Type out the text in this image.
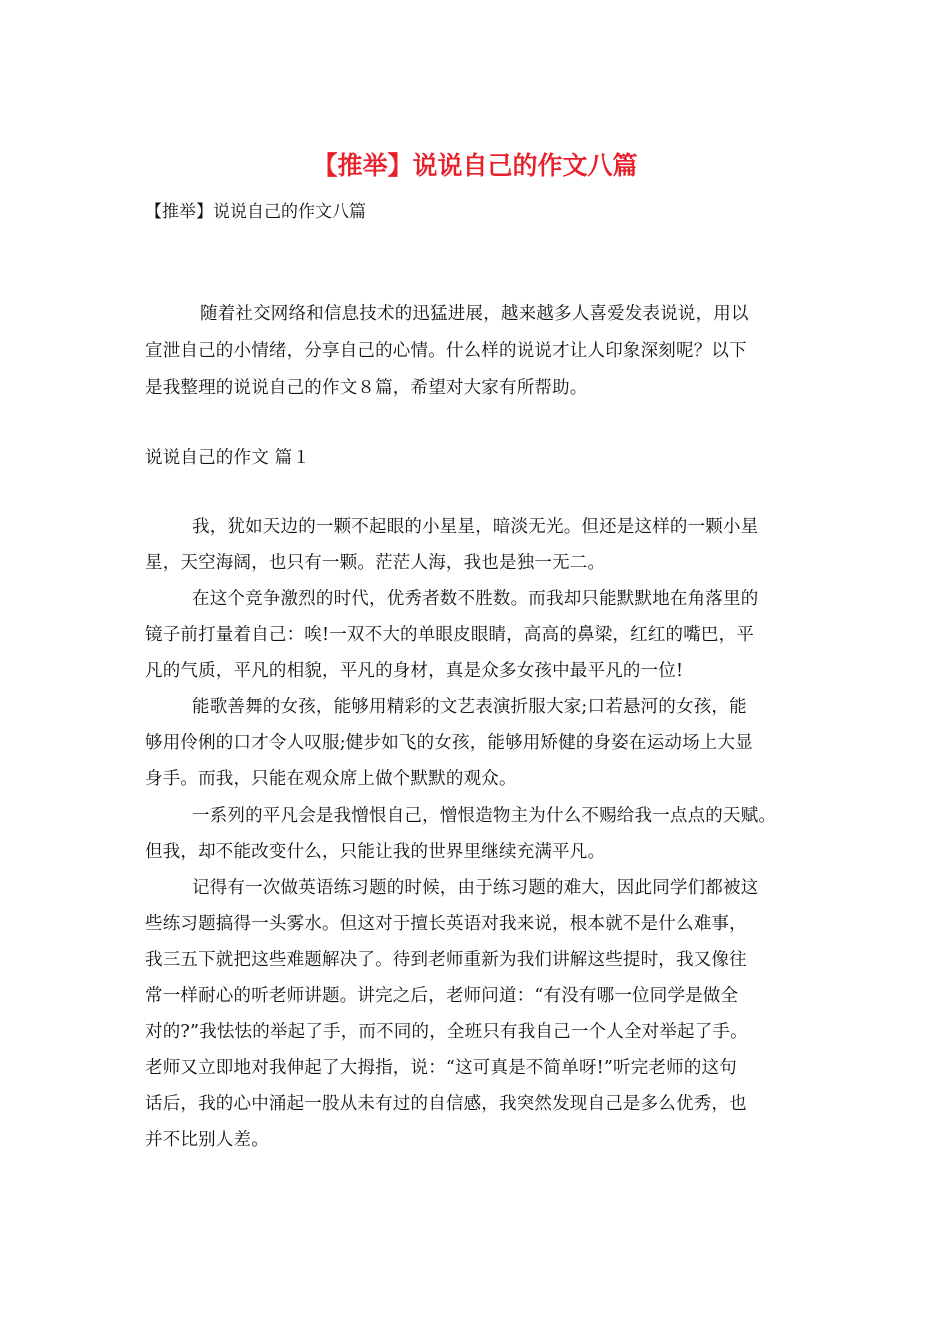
【推举】说说自己的作文八篇
【推举】说说自己的作文八篇
随着社交网络和信息技术的迅猛进展，越来越多人喜爱发表说说，用以
宣泄自己的小情绪，分享自己的心情。什么样的说说才让人印象深刻呢？以下
是我整理的说说自己的作文８篇，希望对大家有所帮助。
说说自己的作文 篇１
我，犹如天边的一颗不起眼的小星星，暗淡无光。但还是这样的一颗小星
星，天空海阔，也只有一颗。茫茫人海，我也是独一无二。
在这个竞争激烈的时代，优秀者数不胜数。而我却只能默默地在角落里的
镜子前打量着自己：唉!一双不大的单眼皮眼睛，高高的鼻梁，红红的嘴巴，平
凡的气质，平凡的相貌，平凡的身材，真是众多女孩中最平凡的一位!
能歌善舞的女孩，能够用精彩的文艺表演折服大家;口若悬河的女孩，能
够用伶俐的口才令人叹服;健步如飞的女孩，能够用矫健的身姿在运动场上大显
身手。而我，只能在观众席上做个默默的观众。
一系列的平凡会是我憎恨自己，憎恨造物主为什么不赐给我一点点的天赋。
但我，却不能改变什么，只能让我的世界里继续充满平凡。
记得有一次做英语练习题的时候，由于练习题的难大，因此同学们都被这
些练习题搞得一头雾水。但这对于擅长英语对我来说，根本就不是什么难事，
我三五下就把这些难题解决了。待到老师重新为我们讲解这些提时，我又像往
常一样耐心的听老师讲题。讲完之后，老师问道：“有没有哪一位同学是做全
对的?”我怯怯的举起了手，而不同的，全班只有我自己一个人全对举起了手。
老师又立即地对我伸起了大拇指，说：“这可真是不简单呀!”听完老师的这句
话后，我的心中涌起一股从未有过的自信感，我突然发现自己是多么优秀，也
并不比别人差。
